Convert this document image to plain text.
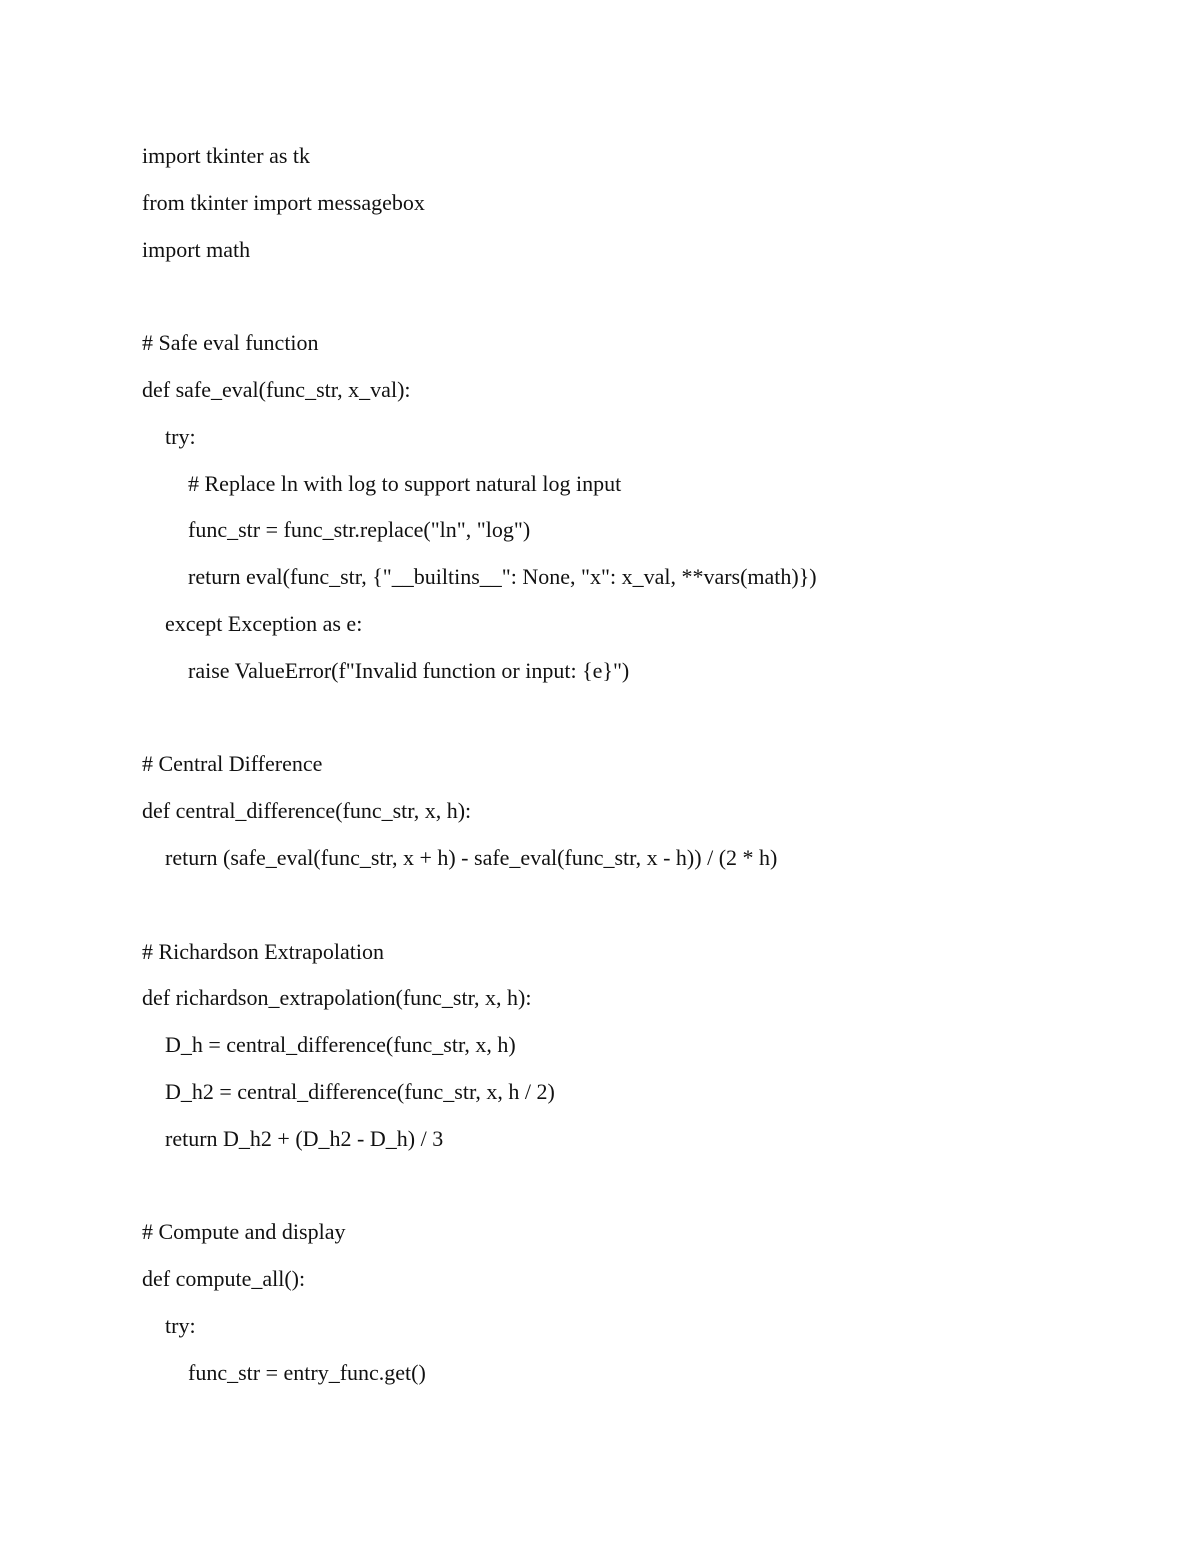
import tkinter as tk
from tkinter import messagebox
import math
# Safe eval function
def safe_eval(func_str, x_val):
try:
# Replace ln with log to support natural log input
func_str = func_str.replace("ln", "log")
return eval(func_str, {"__builtins__": None, "x": x_val, **vars(math)})
except Exception as e:
raise ValueError(f"Invalid function or input: {e}")
# Central Difference
def central_difference(func_str, x, h):
return (safe_eval(func_str, x + h) - safe_eval(func_str, x - h)) / (2 * h)
# Richardson Extrapolation
def richardson_extrapolation(func_str, x, h):
D_h = central_difference(func_str, x, h)
D_h2 = central_difference(func_str, x, h / 2)
return D_h2 + (D_h2 - D_h) / 3
# Compute and display
def compute_all():
try:
func_str = entry_func.get()
